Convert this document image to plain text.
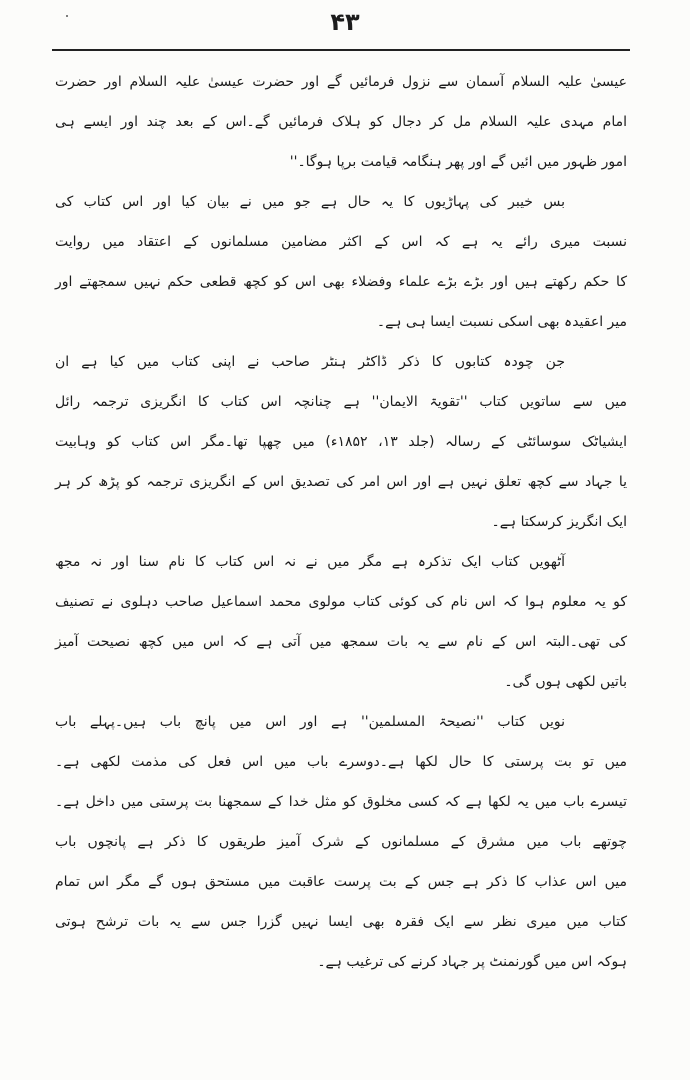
۴۳
عیسیٰ علیہ السلام آسمان سے نزول فرمائیں گے اور حضرت عیسیٰ علیہ السلام اور حضرت
امام مہدی علیہ السلام مل کر دجال کو ہلاک فرمائیں گے۔اس کے بعد چند اور ایسے ہی
امور ظہور میں ائیں گے اور پھر ہنگامہ قیامت برپا ہوگا۔''
بس خیبر کی پہاڑیوں کا یہ حال ہے جو میں نے بیان کیا اور اس کتاب کی
نسبت میری رائے یہ ہے کہ اس کے اکثر مضامین مسلمانوں کے اعتقاد میں روایت
کا حکم رکھتے ہیں اور بڑے بڑے علماء وفضلاء بھی اس کو کچھ قطعی حکم نہیں سمجھتے اور
میر اعقیدہ بھی اسکی نسبت ایسا ہی ہے۔
جن چودہ کتابوں کا ذکر ڈاکٹر ہنٹر صاحب نے اپنی کتاب میں کیا ہے ان
میں سے ساتویں کتاب ''تقویۃ الایمان'' ہے چنانچہ اس کتاب کا انگریزی ترجمہ رائل
ایشیاٹک سوسائٹی کے رسالہ (جلد ۱۳، ۱۸۵۲ء) میں چھپا تھا۔مگر اس کتاب کو وہابیت
یا جہاد سے کچھ تعلق نہیں ہے اور اس امر کی تصدیق اس کے انگریزی ترجمہ کو پڑھ کر ہر
ایک انگریز کرسکتا ہے۔
آٹھویں کتاب ایک تذکرہ ہے مگر میں نے نہ اس کتاب کا نام سنا اور نہ مجھ
کو یہ معلوم ہوا کہ اس نام کی کوئی کتاب مولوی محمد اسماعیل صاحب دہلوی نے تصنیف
کی تھی۔البتہ اس کے نام سے یہ بات سمجھ میں آتی ہے کہ اس میں کچھ نصیحت آمیز
باتیں لکھی ہوں گی۔
نویں کتاب ''نصیحۃ المسلمین'' ہے اور اس میں پانچ باب ہیں۔پہلے باب
میں تو بت پرستی کا حال لکھا ہے۔دوسرے باب میں اس فعل کی مذمت لکھی ہے۔
تیسرے باب میں یہ لکھا ہے کہ کسی مخلوق کو مثل خدا کے سمجھنا بت پرستی میں داخل ہے۔
چوتھے باب میں مشرق کے مسلمانوں کے شرک آمیز طریقوں کا ذکر ہے پانچوں باب
میں اس عذاب کا ذکر ہے جس کے بت پرست عاقبت میں مستحق ہوں گے مگر اس تمام
کتاب میں میری نظر سے ایک فقرہ بھی ایسا نہیں گزرا جس سے یہ بات ترشح ہوتی
ہوکہ اس میں گورنمنٹ پر جہاد کرنے کی ترغیب ہے۔
